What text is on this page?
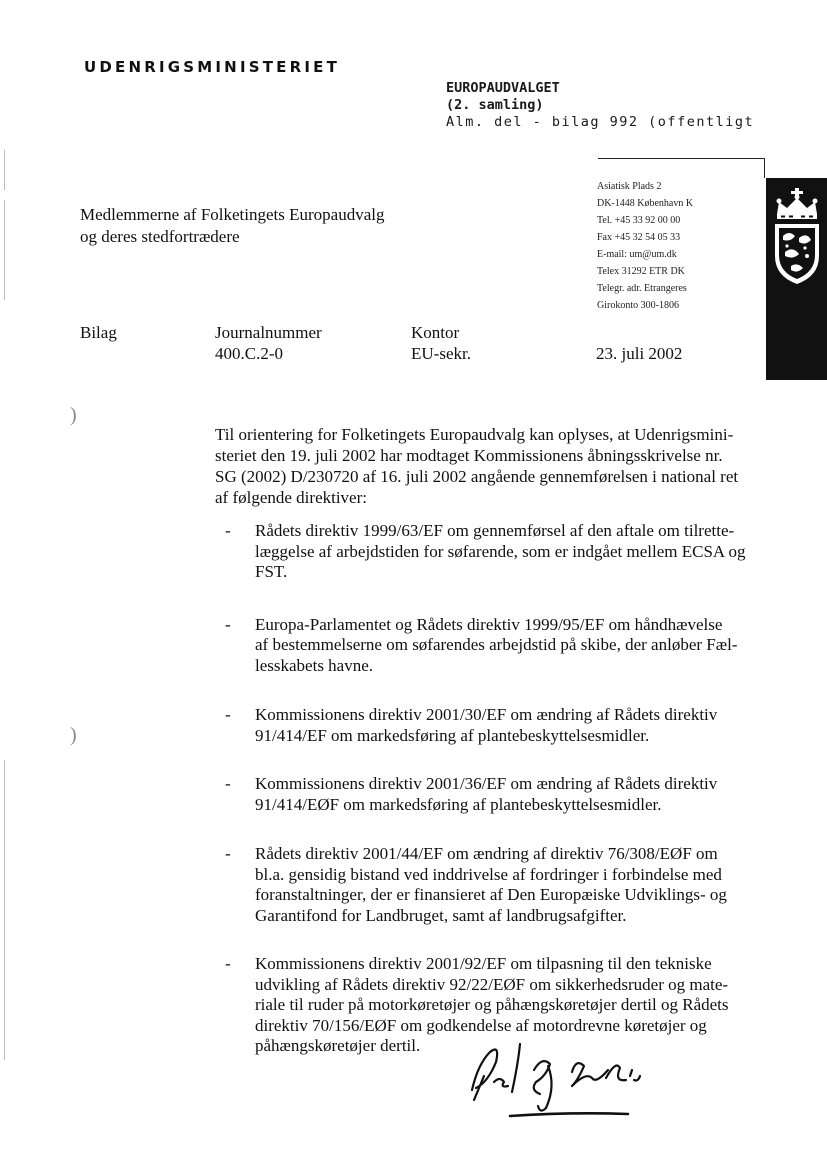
UDENRIGSMINISTERIET
EUROPAUDVALGET
(2. samling)
Alm. del - bilag 992 (offentligt
Medlemmerne af Folketingets Europaudvalg
og deres stedfortrædere
Asiatisk Plads 2
DK-1448 København K
Tel. +45 33 92 00 00
Fax +45 32 54 05 33
E-mail: um@um.dk
Telex 31292 ETR DK
Telegr. adr. Etrangeres
Girokonto 300-1806
Bilag	Journalnummer
400.C.2-0
Kontor
EU-sekr.	23. juli 2002
)
)
Til orientering for Folketingets Europaudvalg kan oplyses, at Udenrigsmini-
steriet den 19. juli 2002 har modtaget Kommissionens åbningsskrivelse nr.
SG (2002) D/230720 af 16. juli 2002 angående gennemførelsen i national ret
af følgende direktiver:
- Rådets direktiv 1999/63/EF om gennemførsel af den aftale om tilrette-
læggelse af arbejdstiden for søfarende, som er indgået mellem ECSA og
FST.
- Europa-Parlamentet og Rådets direktiv 1999/95/EF om håndhævelse
af bestemmelserne om søfarendes arbejdstid på skibe, der anløber Fæl-
lesskabets havne.
- Kommissionens direktiv 2001/30/EF om ændring af Rådets direktiv
91/414/EF om markedsføring af plantebeskyttelsesmidler.
- Kommissionens direktiv 2001/36/EF om ændring af Rådets direktiv
91/414/EØF om markedsføring af plantebeskyttelsesmidler.
- Rådets direktiv 2001/44/EF om ændring af direktiv 76/308/EØF om
bl.a. gensidig bistand ved inddrivelse af fordringer i forbindelse med
foranstaltninger, der er finansieret af Den Europæiske Udviklings- og
Garantifond for Landbruget, samt af landbrugsafgifter.
- Kommissionens direktiv 2001/92/EF om tilpasning til den tekniske
udvikling af Rådets direktiv 92/22/EØF om sikkerhedsruder og mate-
riale til ruder på motorkøretøjer og påhængskøretøjer dertil og Rådets
direktiv 70/156/EØF om godkendelse af motordrevne køretøjer og
påhængskøretøjer dertil.
